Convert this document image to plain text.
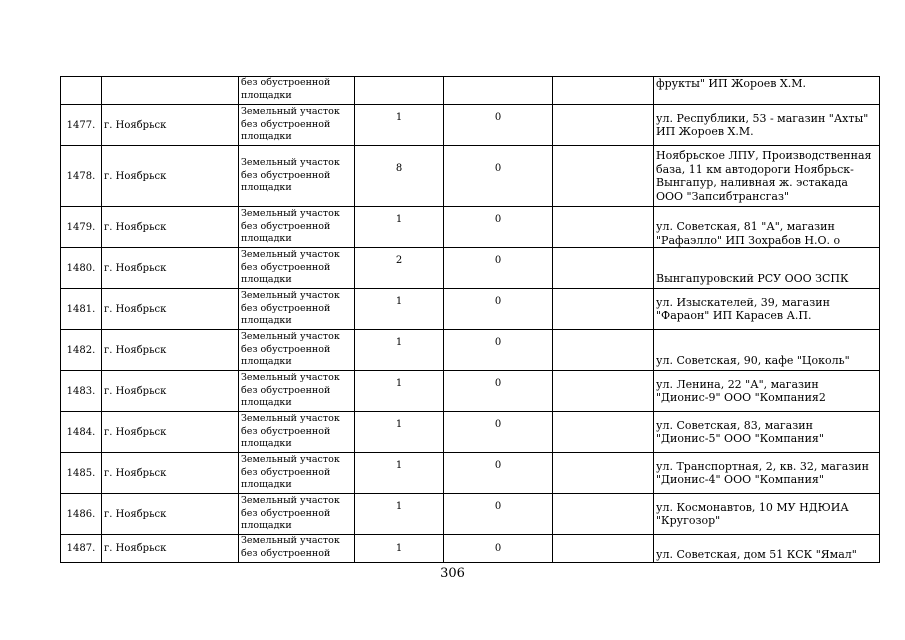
		без обустроенной площадки				фрукты" ИП Жороев Х.М.
1477.	г. Ноябрьск	Земельный участок без обустроенной площадки	1	0		ул. Республики, 53 - магазин "Ахты" ИП Жороев Х.М.
1478.	г. Ноябрьск	Земельный участок без обустроенной площадки	8	0		Ноябрьское ЛПУ, Производственная база, 11 км автодороги Ноябрьск-Вынгапур, наливная ж. эстакада ООО "Запсибтрансгаз"
1479.	г. Ноябрьск	Земельный участок без обустроенной площадки	1	0		ул. Советская, 81 "А", магазин "Рафаэлло" ИП Зохрабов Н.О. о
1480.	г. Ноябрьск	Земельный участок без обустроенной площадки	2	0		Вынгапуровский РСУ ООО ЗСПК
1481.	г. Ноябрьск	Земельный участок без обустроенной площадки	1	0		ул. Изыскателей, 39, магазин "Фараон" ИП Карасев А.П.
1482.	г. Ноябрьск	Земельный участок без обустроенной площадки	1	0		ул. Советская, 90, кафе "Цоколь"
1483.	г. Ноябрьск	Земельный участок без обустроенной площадки	1	0		ул. Ленина, 22 "А", магазин "Дионис-9" ООО "Компания2
1484.	г. Ноябрьск	Земельный участок без обустроенной площадки	1	0		ул. Советская, 83, магазин "Дионис-5" ООО "Компания"
1485.	г. Ноябрьск	Земельный участок без обустроенной площадки	1	0		ул. Транспортная, 2, кв. 32, магазин "Дионис-4" ООО "Компания"
1486.	г. Ноябрьск	Земельный участок без обустроенной площадки	1	0		ул. Космонавтов, 10 МУ НДЮИА "Кругозор"
1487.	г. Ноябрьск	Земельный участок без обустроенной	1	0		ул. Советская, дом 51 КСК "Ямал"
306
